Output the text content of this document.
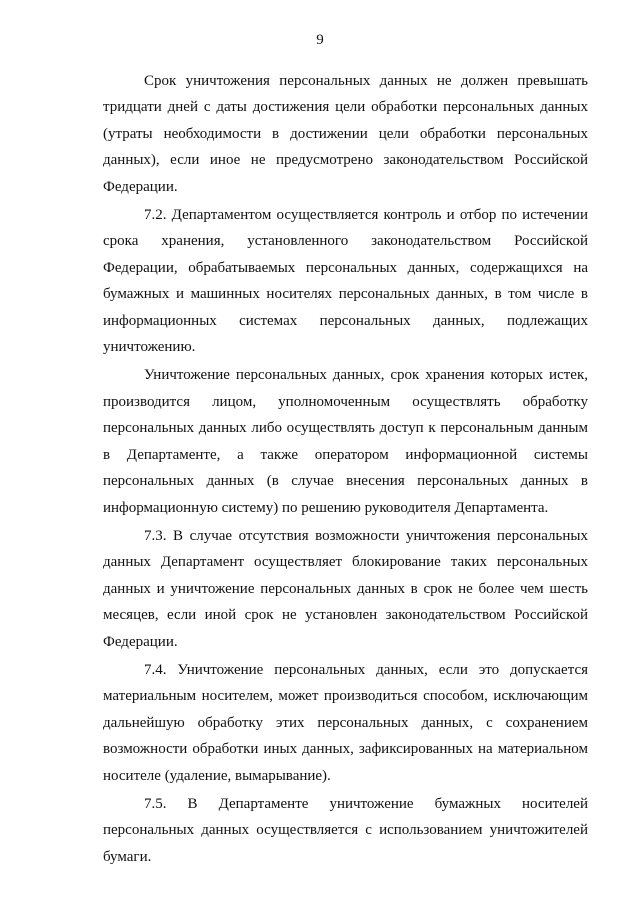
9

Срок уничтожения персональных данных не должен превышать тридцати дней с даты достижения цели обработки персональных данных (утраты необходимости в достижении цели обработки персональных данных), если иное не предусмотрено законодательством Российской Федерации.

7.2. Департаментом осуществляется контроль и отбор по истечении срока хранения, установленного законодательством Российской Федерации, обрабатываемых персональных данных, содержащихся на бумажных и машинных носителях персональных данных, в том числе в информационных системах персональных данных, подлежащих уничтожению.

Уничтожение персональных данных, срок хранения которых истек, производится лицом, уполномоченным осуществлять обработку персональных данных либо осуществлять доступ к персональным данным в Департаменте, а также оператором информационной системы персональных данных (в случае внесения персональных данных в информационную систему) по решению руководителя Департамента.

7.3. В случае отсутствия возможности уничтожения персональных данных Департамент осуществляет блокирование таких персональных данных и уничтожение персональных данных в срок не более чем шесть месяцев, если иной срок не установлен законодательством Российской Федерации.

7.4. Уничтожение персональных данных, если это допускается материальным носителем, может производиться способом, исключающим дальнейшую обработку этих персональных данных, с сохранением возможности обработки иных данных, зафиксированных на материальном носителе (удаление, вымарывание).

7.5. В Департаменте уничтожение бумажных носителей персональных данных осуществляется с использованием уничтожителей бумаги.
